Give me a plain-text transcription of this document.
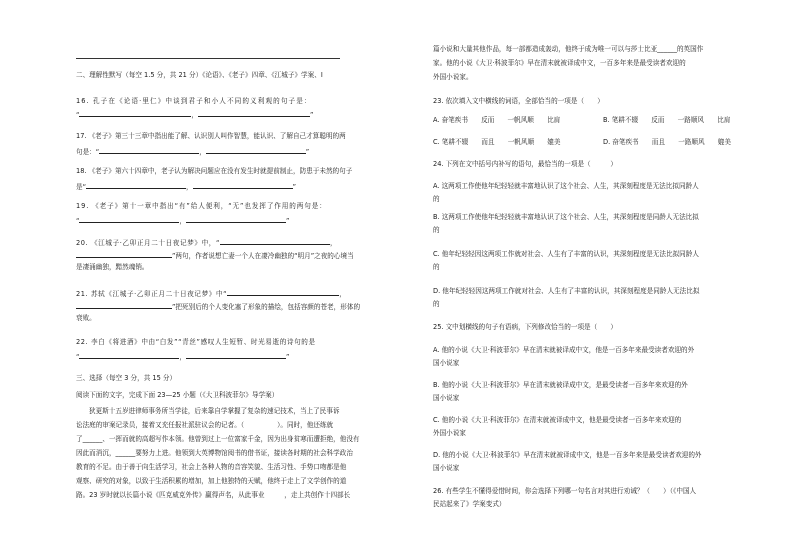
二、理解性默写（每空 1.5 分，共 21 分）《论语》、《老子》四章、《江城子》学案、I
16. 孔子在《论语·里仁》中谈到君子和小人不同的义利观的句子是：
“	，	”
17. 《老子》第三十三章中指出能了解、认识别人叫作智慧，能认识、了解自己才算聪明的两
句是：“	，	”
18. 《老子》第六十四章中，老子认为解决问题应在没有发生时就提前制止，防患于未然的句子
是“	，	”
19. 《老子》第十一章中指出“有”给人便利，“无”也发挥了作用的两句是：
“	，	”
20. 《江城子·乙卯正月二十日夜记梦》中，“	，
”两句，作者说想亡妻一个人在凄冷幽独的“明月”之夜的心境当
是凄涌幽独，黯然魂销。
21. 苏轼《江城子·乙卯正月二十日夜记梦》中“	，
”把死别后的个人变化塞了形象的描绘，包括容颜的苍老，形体的
衰败。
22. 李白《将进酒》中由“白发”“青丝”感叹人生短暂、时光易逝的诗句的是
“	，	”
三、选择（每空 3 分，共 15 分）
阅读下面的文字，完成下面 23—25 小题（《大卫科波菲尔》导学案）
狄更斯十五岁进律师事务所当学徒，后来靠自学掌握了复杂的速记技术，当上了民事诉
讼法庭的审案记录员，接着又充任报社派驻议会的记者。（　　　　　）。同时，他还练就
了______、一挥而就的高超写作本领。他曾到过上一位富家千金，因为出身贫寒而遭拒绝，他没有
因此而消沉，______要努力上进。他领到大英博物馆阅书的借书证，接读各时期的社会科学政治
教育的不足。由于善于向生活学习，社会上各种人物的音容笑貌、生活习性、手势口吻都是他
观察、研究的对象，以致于生活积累的增加，加上他独特的天赋，他终于走上了文学创作的道
路。23 岁时就以长篇小说《匹克威克外传》赢得声名，从此事业　　　，走上共创作十四部长
篇小说和大量其他作品，每一部都造成轰动，他终于成为唯一可以与莎士比亚______的英国作
家。他的小说《大卫·科波菲尔》早在清末就被译成中文，一百多年来是最受读者欢迎的
外国小说家。
23. 依次填入文中横线的词语，全部恰当的一项是（　　）
A. 奋笔疾书　　反而　　一帆风顺　　比肩	B. 笔耕不辍　　反而　　一路顺风　　比肩
C. 笔耕不辍　　而且　　一帆风顺　　媲美	D. 奋笔疾书　　而且　　一路顺风　　媲美
24. 下列在文中括号内补写的语句，最恰当的一项是（　　　）
A. 这两项工作使他年纪轻轻就丰富地认识了这个社会、人生，其深刻程度是无法比拟同龄人
的
B. 这两项工作使他年纪轻轻就丰富地认识了这个社会、人生，其深刻程度是同龄人无法比拟
的
C. 他年纪轻轻因这两项工作就对社会、人生有了丰富的认识，其深刻程度是无法比拟同龄人
的
D. 他年纪轻轻因这两项工作就对社会、人生有了丰富的认识，其深刻程度是同龄人无法比拟
的
25. 文中划横线的句子有语病，下列修改恰当的一项是（　　）
A. 他的小说《大卫·科波菲尔》早在清末就被译成中文，他是一百多年来最受读者欢迎的外
国小说家
B. 他的小说《大卫·科波菲尔》早在清末就被译成中文，是最受读者一百多年来欢迎的外
国小说家
C. 他的小说《大卫·科波菲尔》在清末就被译成中文，他是最受读者一百多年来欢迎的
外国小说家
D. 他的小说《大卫·科波菲尔》早在清末就被译成中文，他是一百多年来是最受读者欢迎的外
国小说家
26. 有些学生不懂得爱惜时间，你会选择下列哪一句名言对其进行劝诫？（　　）（《中国人
民站起来了》学案变式）
